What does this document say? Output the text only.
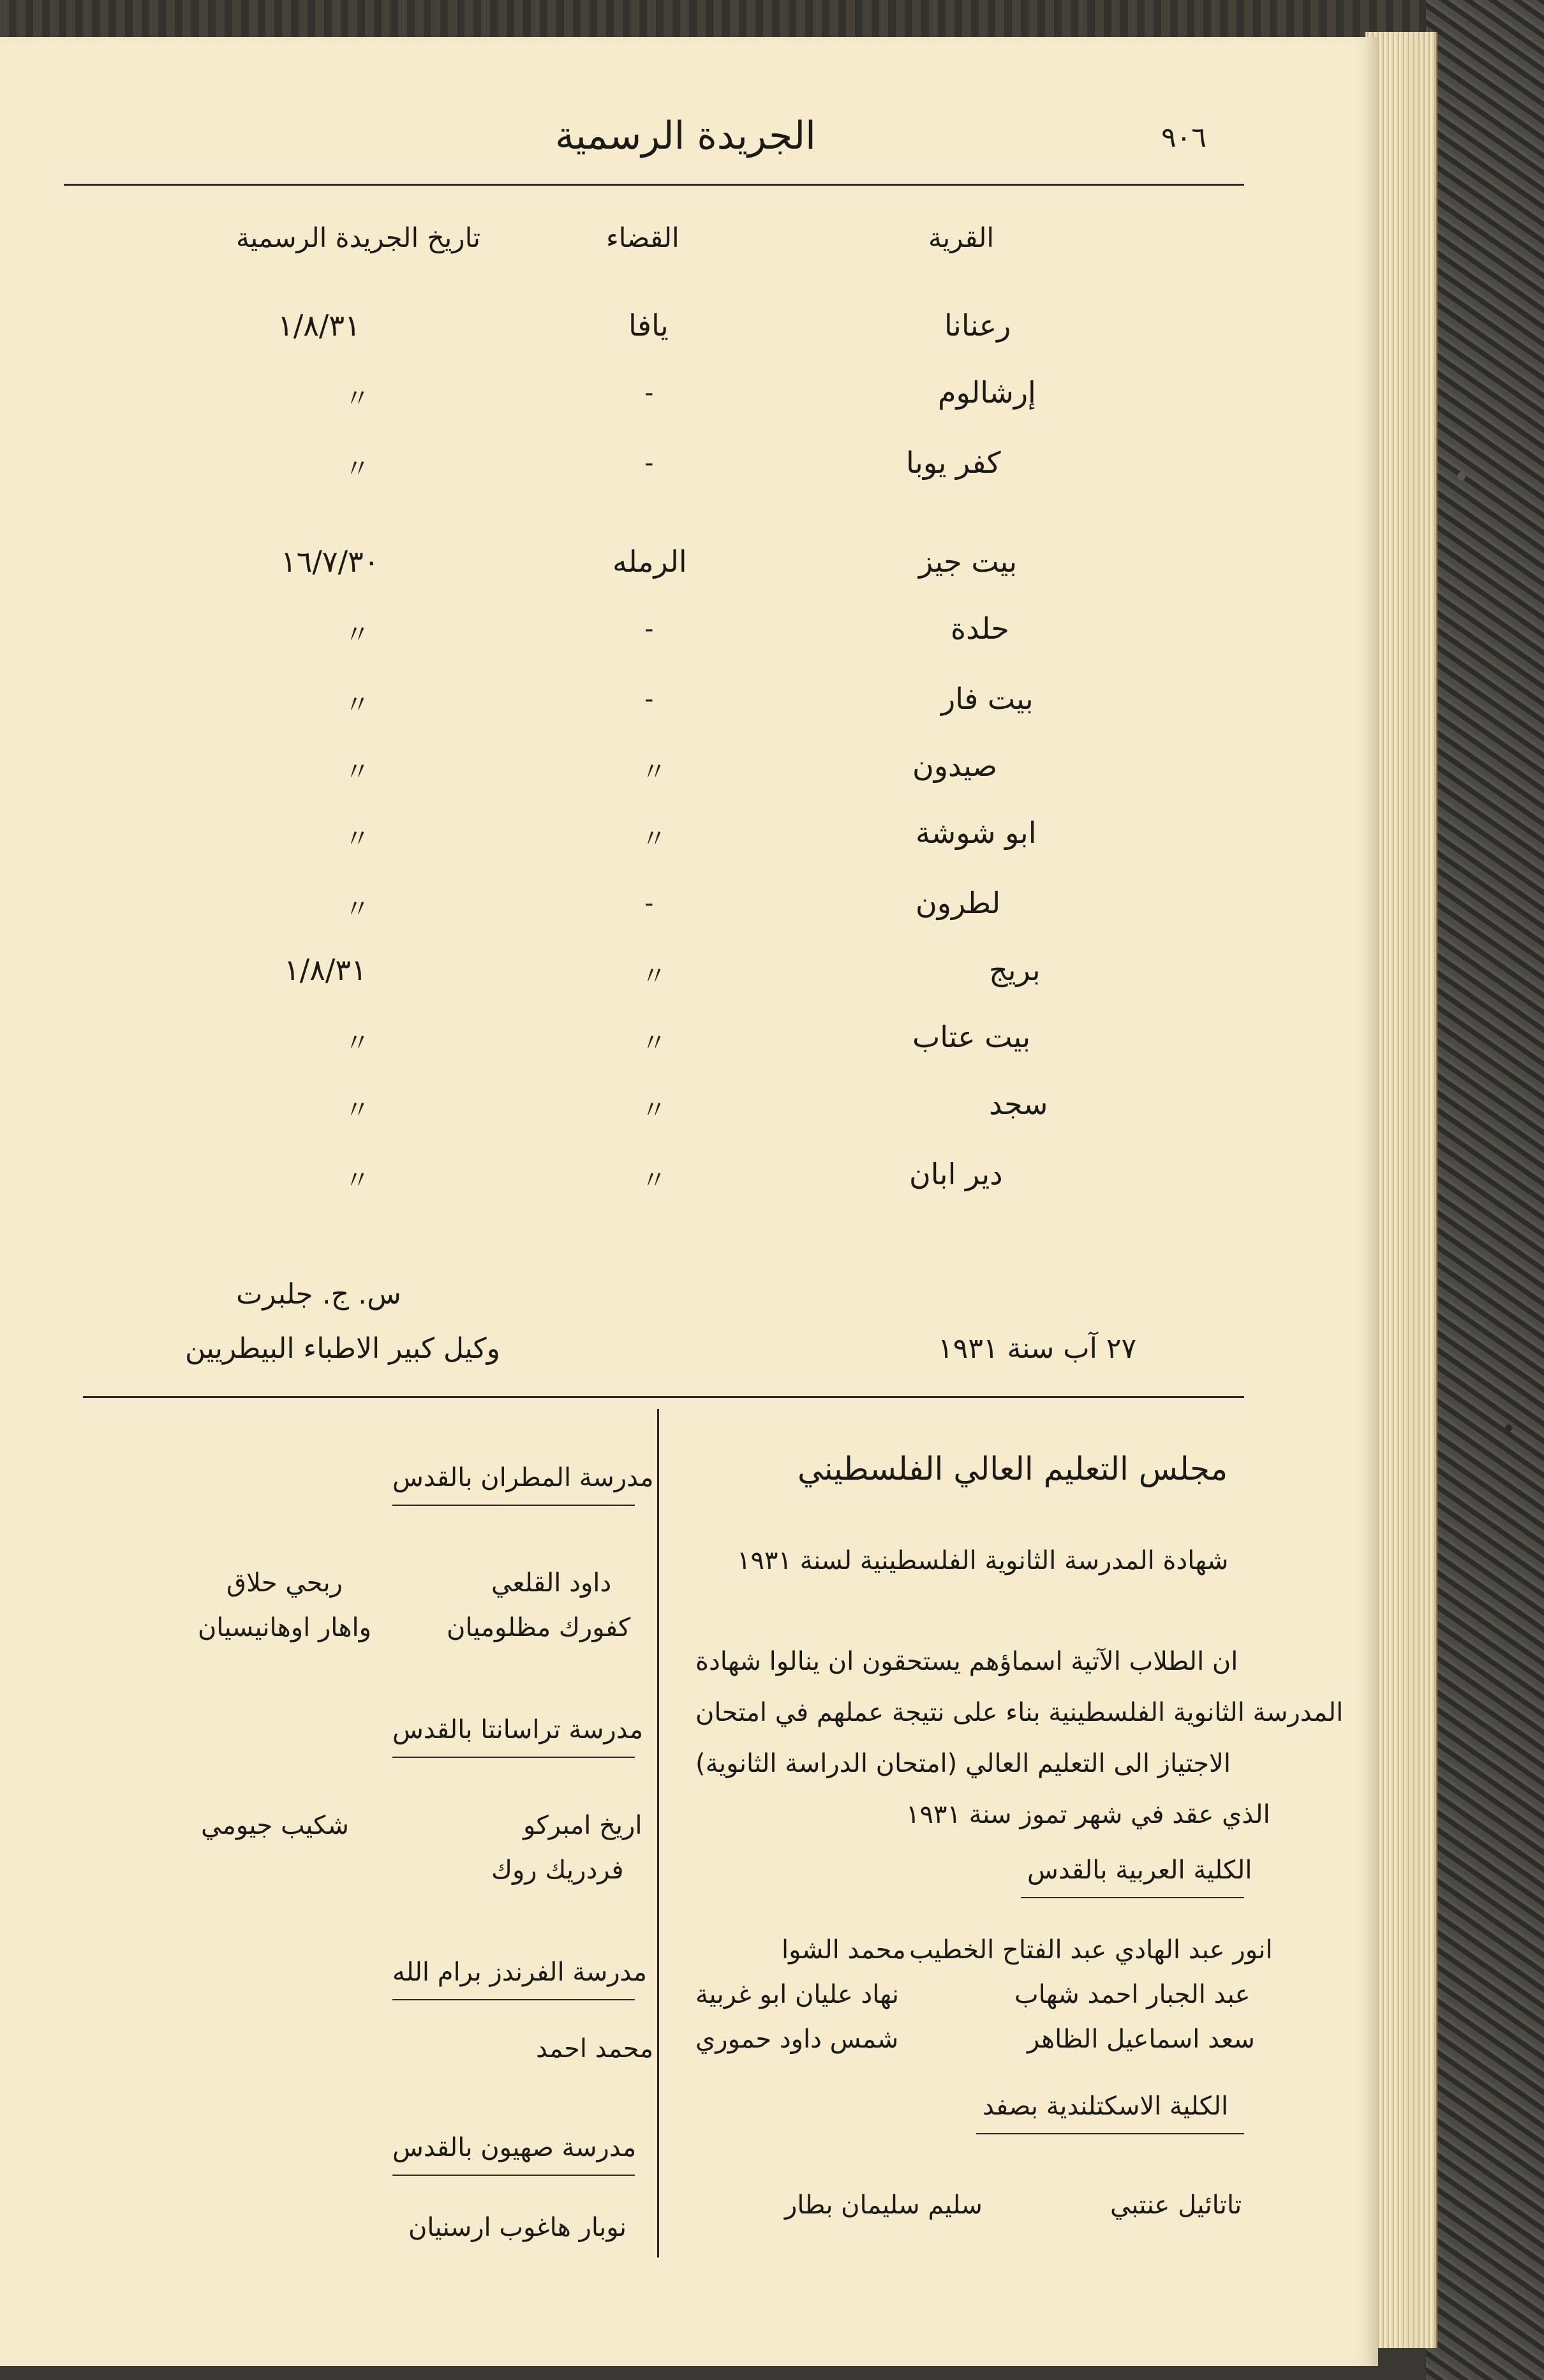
٩٠٦
الجريدة الرسمية
القرية
القضاء
تاريخ الجريدة الرسمية
رعنانا
يافا
١/٨/٣١
إرشالوم
-
〃
كفر يوبا
-
〃
بيت جيز
الرمله
١٦/٧/٣٠
حلدة
-
〃
بيت فار
-
〃
صيدون
〃
〃
ابو شوشة
〃
〃
لطرون
-
〃
بريج
〃
١/٨/٣١
بيت عتاب
〃
〃
سجد
〃
〃
دير ابان
〃
〃
س. ج. جلبرت
وكيل كبير الاطباء البيطريين	٢٧ آب سنة ١٩٣١
مجلس التعليم العالي الفلسطيني
شهادة المدرسة الثانوية الفلسطينية لسنة ١٩٣١
ان الطلاب الآتية اسماؤهم يستحقون ان ينالوا شهادة
المدرسة الثانوية الفلسطينية بناء على نتيجة عملهم في امتحان
الاجتياز الى التعليم العالي (امتحان الدراسة الثانوية)
الذي عقد في شهر تموز سنة ١٩٣١
الكلية العربية بالقدس
انور عبد الهادي عبد الفتاح الخطيب
عبد الجبار احمد شهاب
سعد اسماعيل الظاهر
محمد الشوا
نهاد عليان ابو غربية
شمس داود حموري
الكلية الاسكتلندية بصفد
تاتائيل عنتبي
سليم سليمان بطار
مدرسة المطران بالقدس
داود القلعي
كفورك مظلوميان
ربحي حلاق
واهار اوهانيسيان
مدرسة تراسانتا بالقدس
اريخ امبركو
فردريك روك
شكيب جيومي
مدرسة الفرندز برام الله
محمد احمد
مدرسة صهيون بالقدس
نوبار هاغوب ارسنيان
